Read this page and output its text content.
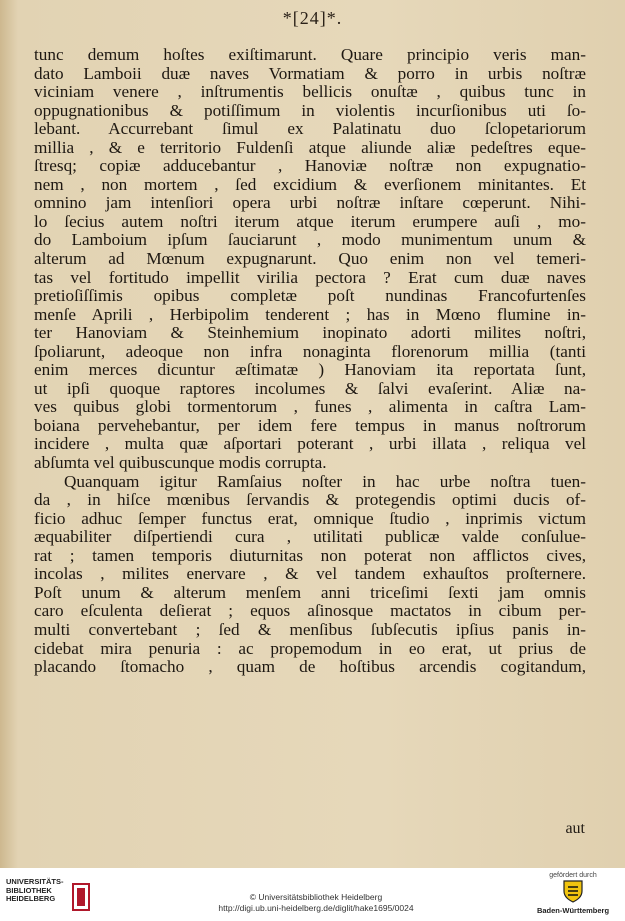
*[24]*.
tunc demum hoſtes exiſtimarunt. Quare principio veris man-
dato Lamboii duæ naves Vormatiam & porro in urbis noſtræ
viciniam venere , inſtrumentis bellicis onuſtæ , quibus tunc in
oppugnationibus & potiſſimum in violentis incurſionibus uti ſo-
lebant. Accurrebant ſimul ex Palatinatu duo ſclopetariorum
millia , & e territorio Fuldenſi atque aliunde aliæ pedeſtres eque-
ſtresq; copiæ adducebantur , Hanoviæ noſtræ non expugnatio-
nem , non mortem , ſed excidium & everſionem minitantes. Et
omnino jam intenſiori opera urbi noſtræ inſtare cœperunt. Nihi-
lo ſecius autem noſtri iterum atque iterum erumpere auſi , mo-
do Lamboium ipſum ſauciarunt , modo munimentum unum &
alterum ad Mœnum expugnarunt. Quo enim non vel temeri-
tas vel fortitudo impellit virilia pectora ? Erat cum duæ naves
pretioſiſſimis opibus completæ poſt nundinas Francofurtenſes
menſe Aprili , Herbipolim tenderent ; has in Mœno flumine in-
ter Hanoviam & Steinhemium inopinato adorti milites noſtri,
ſpoliarunt, adeoque non infra nonaginta florenorum millia (tanti
enim merces dicuntur æſtimatæ ) Hanoviam ita reportata ſunt,
ut ipſi quoque raptores incolumes & ſalvi evaſerint. Aliæ na-
ves quibus globi tormentorum , funes , alimenta in caſtra Lam-
boiana pervehebantur, per idem fere tempus in manus noſtrorum
incidere , multa quæ aſportari poterant , urbi illata , reliqua vel
abſumta vel quibuscunque modis corrupta.
Quanquam igitur Ramſaius noſter in hac urbe noſtra tuen-
da , in hiſce mœnibus ſervandis & protegendis optimi ducis of-
ficio adhuc ſemper functus erat, omnique ſtudio , inprimis victum
æquabiliter diſpertiendi cura , utilitati publicæ valde conſulue-
rat ; tamen temporis diuturnitas non poterat non afflictos cives,
incolas , milites enervare , & vel tandem exhauſtos proſternere.
Poſt unum & alterum menſem anni triceſimi ſexti jam omnis
caro eſculenta deſierat ; equos aſinosque mactatos in cibum per-
multi convertebant ; ſed & menſibus ſubſecutis ipſius panis in-
cidebat mira penuria : ac propemodum in eo erat, ut prius de
placando ſtomacho , quam de hoſtibus arcendis cogitandum,
aut
UNIVERSITÄTS-
BIBLIOTHEK
HEIDELBERG	© Universitätsbibliothek Heidelberg
http://digi.ub.uni-heidelberg.de/diglit/hake1695/0024
gefördert durch
Baden-Württemberg
